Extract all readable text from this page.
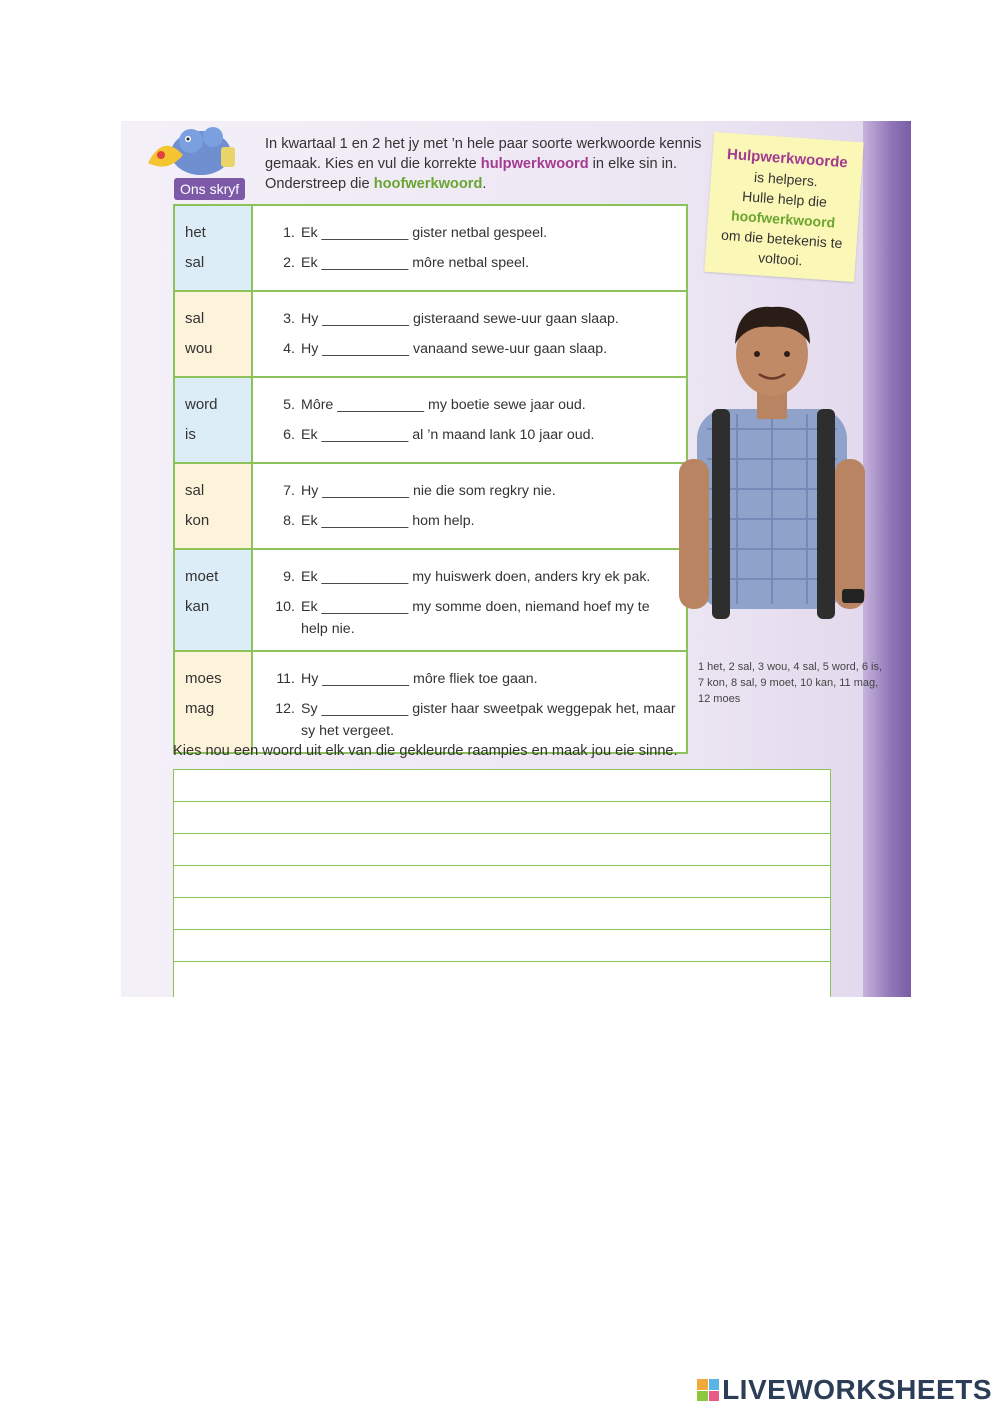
Ons skryf
In kwartaal 1 en 2 het jy met ’n hele paar soorte werkwoorde kennis gemaak. Kies en vul die korrekte hulpwerkwoord in elke sin in. Onderstreep die hoofwerkwoord.
Hulpwerkwoorde
is helpers.
Hulle help die
hoofwerkwoord
om die betekenis te voltooi.
het
sal
1. Ek ___________ gister netbal gespeel.
2. Ek ___________ môre netbal speel.
sal
wou
3. Hy ___________ gisteraand sewe-uur gaan slaap.
4. Hy ___________ vanaand sewe-uur gaan slaap.
word
is
5. Môre ___________ my boetie sewe jaar oud.
6. Ek ___________ al ’n maand lank 10 jaar oud.
sal
kon
7. Hy ___________ nie die som regkry nie.
8. Ek ___________ hom help.
moet
kan
9. Ek ___________ my huiswerk doen, anders kry ek pak.
10. Ek ___________ my somme doen, niemand hoef my te help nie.
moes
mag
11. Hy ___________ môre fliek toe gaan.
12. Sy ___________ gister haar sweetpak weggepak het, maar sy het vergeet.
1 het, 2 sal, 3 wou, 4 sal, 5 word, 6 is, 7 kon, 8 sal, 9 moet, 10 kan, 11 mag, 12 moes
Kies nou een woord uit elk van die gekleurde raampies en maak jou eie sinne.
LIVEWORKSHEETS
